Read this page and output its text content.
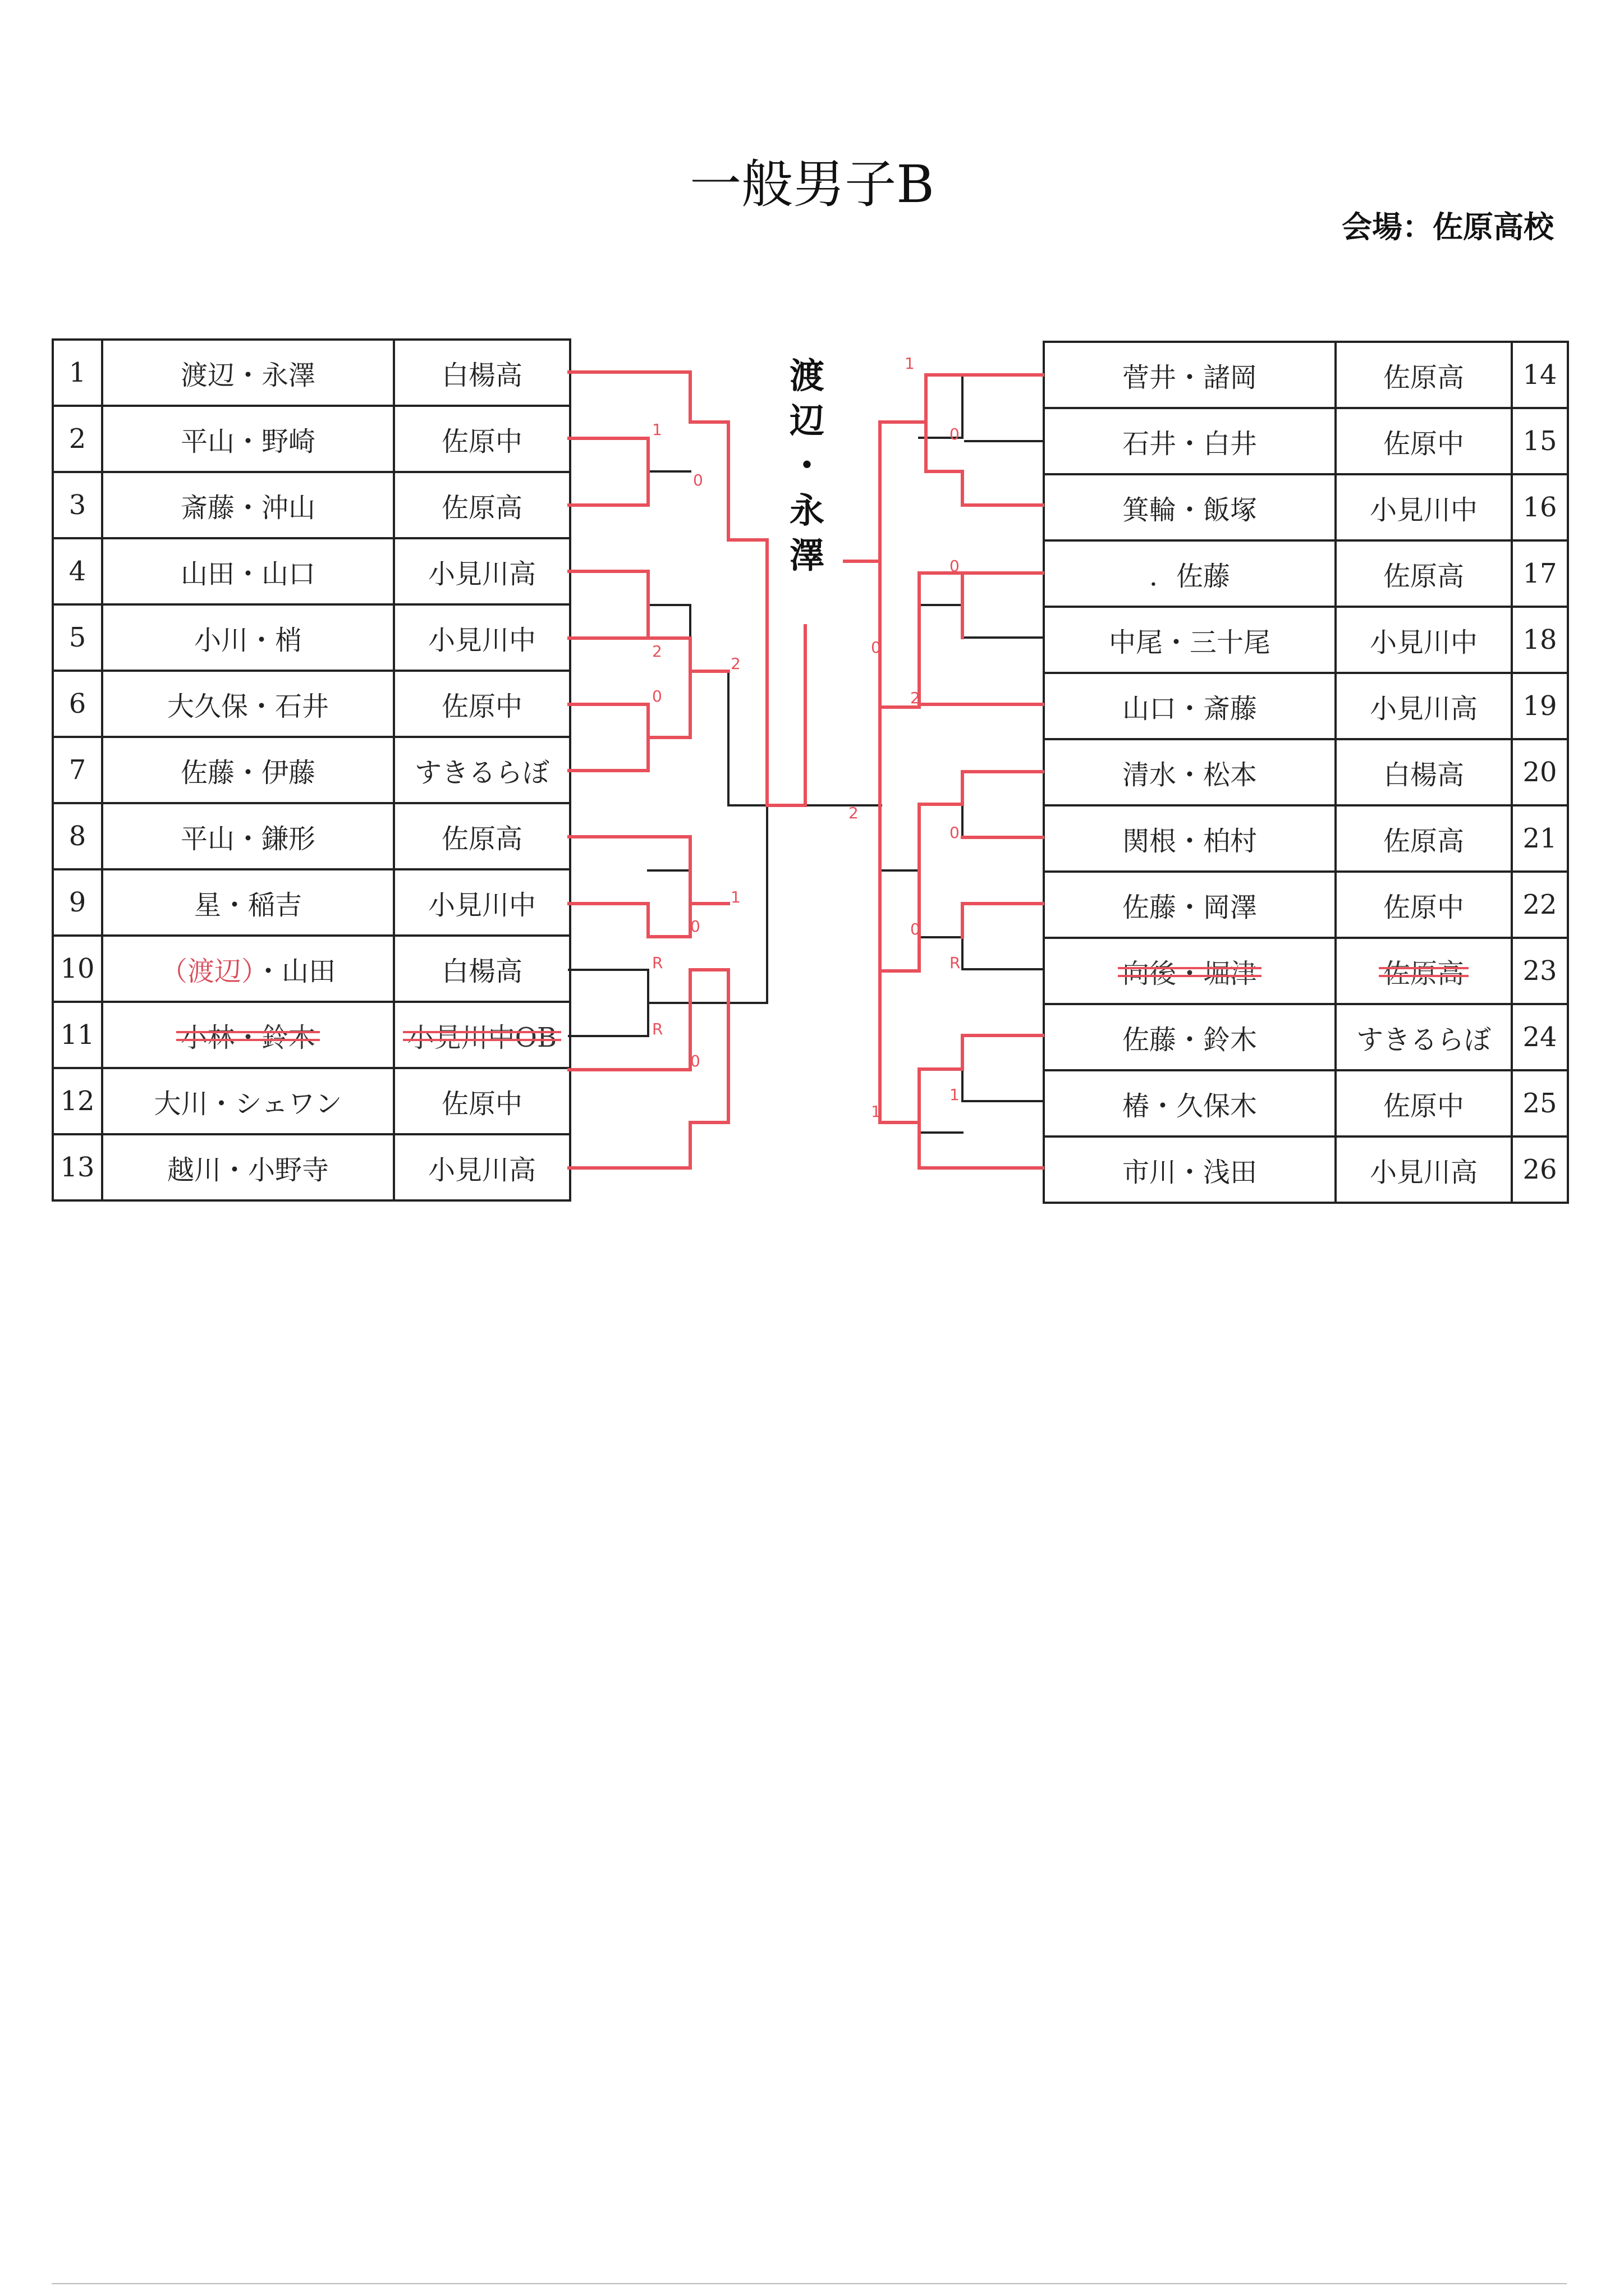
一般男子B
会場：佐原高校
1	渡辺・永澤	白楊高
2	平山・野崎	佐原中
3	斎藤・沖山	佐原高
4	山田・山口	小見川高
5	小川・梢	小見川中
6	大久保・石井	佐原中
7	佐藤・伊藤	すきるらぼ
8	平山・鎌形	佐原高
9	星・稲吉	小見川中
10	（渡辺）・山田	白楊高
11	小林・鈴木	小見川中OB
12	大川・シェワン	佐原中
13	越川・小野寺	小見川高
菅井・諸岡	佐原高	14
石井・白井	佐原中	15
箕輪・飯塚	小見川中	16
．佐藤	佐原高	17
中尾・三十尾	小見川中	18
山口・斎藤	小見川高	19
清水・松本	白楊高	20
関根・柏村	佐原高	21
佐藤・岡澤	佐原中	22
向後・堀津	佐原高	23
佐藤・鈴木	すきるらぼ	24
椿・久保木	佐原中	25
市川・浅田	小見川高	26
1
0
2
0
2
R
R
0
0
1
1
0
0
0
2
2
0
0
R
1
1
渡
辺
・
永
澤
